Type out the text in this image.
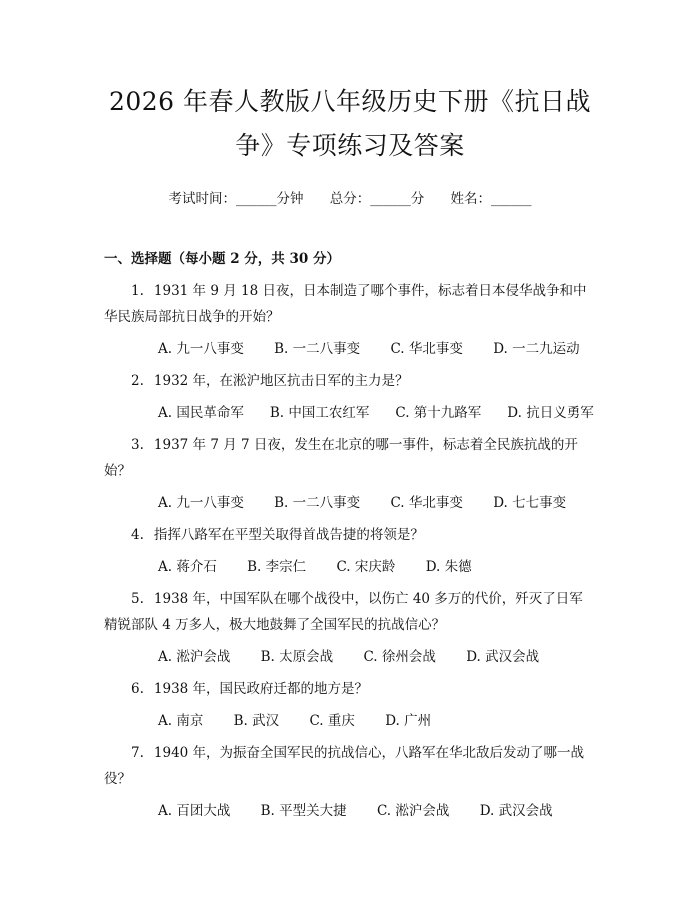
2026 年春人教版八年级历史下册《抗日战
争》专项练习及答案
考试时间：______分钟 总分：______分 姓名：______
一、选择题（每小题 2 分，共 30 分）
1. 1931 年 9 月 18 日夜，日本制造了哪个事件，标志着日本侵华战争和中华民族局部抗日战争的开始？
A. 九一八事变 B. 一二八事变 C. 华北事变 D. 一二九运动
2. 1932 年，在淞沪地区抗击日军的主力是？
A. 国民革命军 B. 中国工农红军 C. 第十九路军 D. 抗日义勇军
3. 1937 年 7 月 7 日夜，发生在北京的哪一事件，标志着全民族抗战的开始？
A. 九一八事变 B. 一二八事变 C. 华北事变 D. 七七事变
4. 指挥八路军在平型关取得首战告捷的将领是？
A. 蒋介石 B. 李宗仁 C. 宋庆龄 D. 朱德
5. 1938 年，中国军队在哪个战役中，以伤亡 40 多万的代价，歼灭了日军精锐部队 4 万多人，极大地鼓舞了全国军民的抗战信心？
A. 淞沪会战 B. 太原会战 C. 徐州会战 D. 武汉会战
6. 1938 年，国民政府迁都的地方是？
A. 南京 B. 武汉 C. 重庆 D. 广州
7. 1940 年，为振奋全国军民的抗战信心，八路军在华北敌后发动了哪一战役？
A. 百团大战 B. 平型关大捷 C. 淞沪会战 D. 武汉会战
